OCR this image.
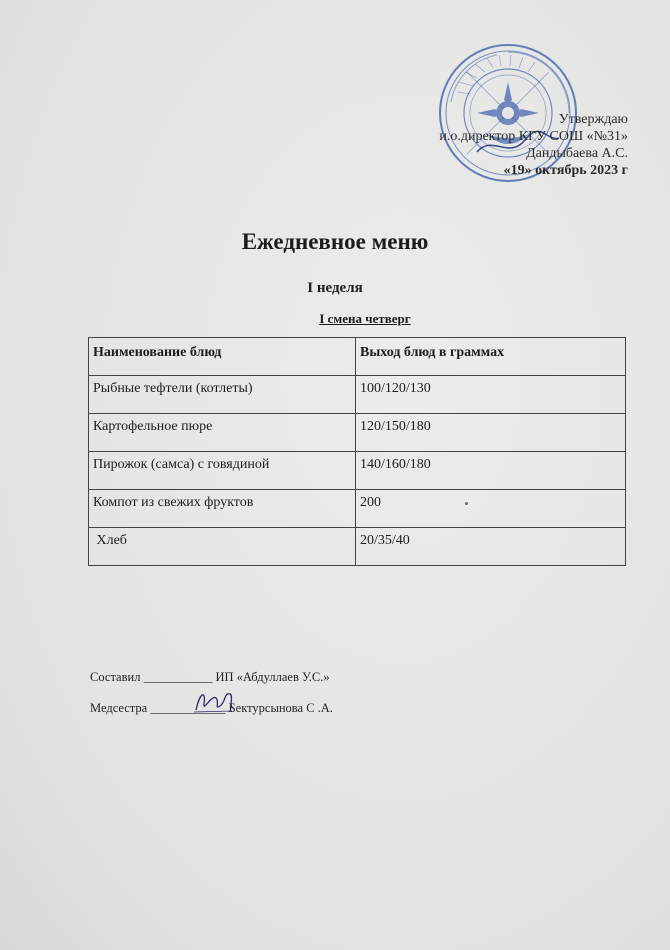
Утверждаю
и.о.директор КГУ СОШ «№31»
Дандыбаева А.С.
«19» октябрь 2023 г
Ежедневное меню
I неделя
I смена четверг
Наименование блюд	Выход блюд в граммах
Рыбные тефтели (котлеты)	100/120/130
Картофельное пюре	120/150/180
Пирожок (самса) с говядиной	140/160/180
Компот из свежих фруктов	200
Хлеб	20/35/40
Составил ___________ ИП «Абдуллаев У.С.»
Медсестра ____________ Бектурсынова С .А.
